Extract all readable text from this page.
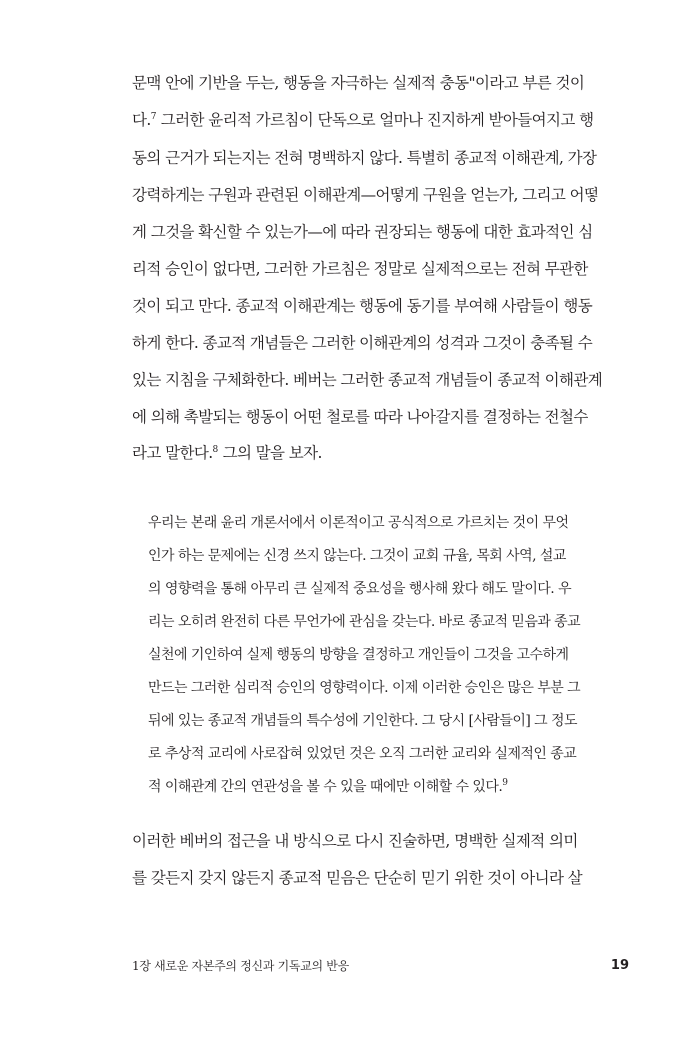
문맥 안에 기반을 두는, 행동을 자극하는 실제적 충동"이라고 부른 것이
다.$^7$ 그러한 윤리적 가르침이 단독으로 얼마나 진지하게 받아들여지고 행
동의 근거가 되는지는 전혀 명백하지 않다. 특별히 종교적 이해관계, 가장
강력하게는 구원과 관련된 이해관계—어떻게 구원을 얻는가, 그리고 어떻
게 그것을 확신할 수 있는가—에 따라 권장되는 행동에 대한 효과적인 심
리적 승인이 없다면, 그러한 가르침은 정말로 실제적으로는 전혀 무관한
것이 되고 만다. 종교적 이해관계는 행동에 동기를 부여해 사람들이 행동
하게 한다. 종교적 개념들은 그러한 이해관계의 성격과 그것이 충족될 수
있는 지침을 구체화한다. 베버는 그러한 종교적 개념들이 종교적 이해관계
에 의해 촉발되는 행동이 어떤 철로를 따라 나아갈지를 결정하는 전철수
라고 말한다.$^8$ 그의 말을 보자.
우리는 본래 윤리 개론서에서 이론적이고 공식적으로 가르치는 것이 무엇
인가 하는 문제에는 신경 쓰지 않는다. 그것이 교회 규율, 목회 사역, 설교
의 영향력을 통해 아무리 큰 실제적 중요성을 행사해 왔다 해도 말이다. 우
리는 오히려 완전히 다른 무언가에 관심을 갖는다. 바로 종교적 믿음과 종교
실천에 기인하여 실제 행동의 방향을 결정하고 개인들이 그것을 고수하게
만드는 그러한 심리적 승인의 영향력이다. 이제 이러한 승인은 많은 부분 그
뒤에 있는 종교적 개념들의 특수성에 기인한다. 그 당시 [사람들이] 그 정도
로 추상적 교리에 사로잡혀 있었던 것은 오직 그러한 교리와 실제적인 종교
적 이해관계 간의 연관성을 볼 수 있을 때에만 이해할 수 있다.$^9$
이러한 베버의 접근을 내 방식으로 다시 진술하면, 명백한 실제적 의미
를 갖든지 갖지 않든지 종교적 믿음은 단순히 믿기 위한 것이 아니라 살
1장 새로운 자본주의 정신과 기독교의 반응	19
